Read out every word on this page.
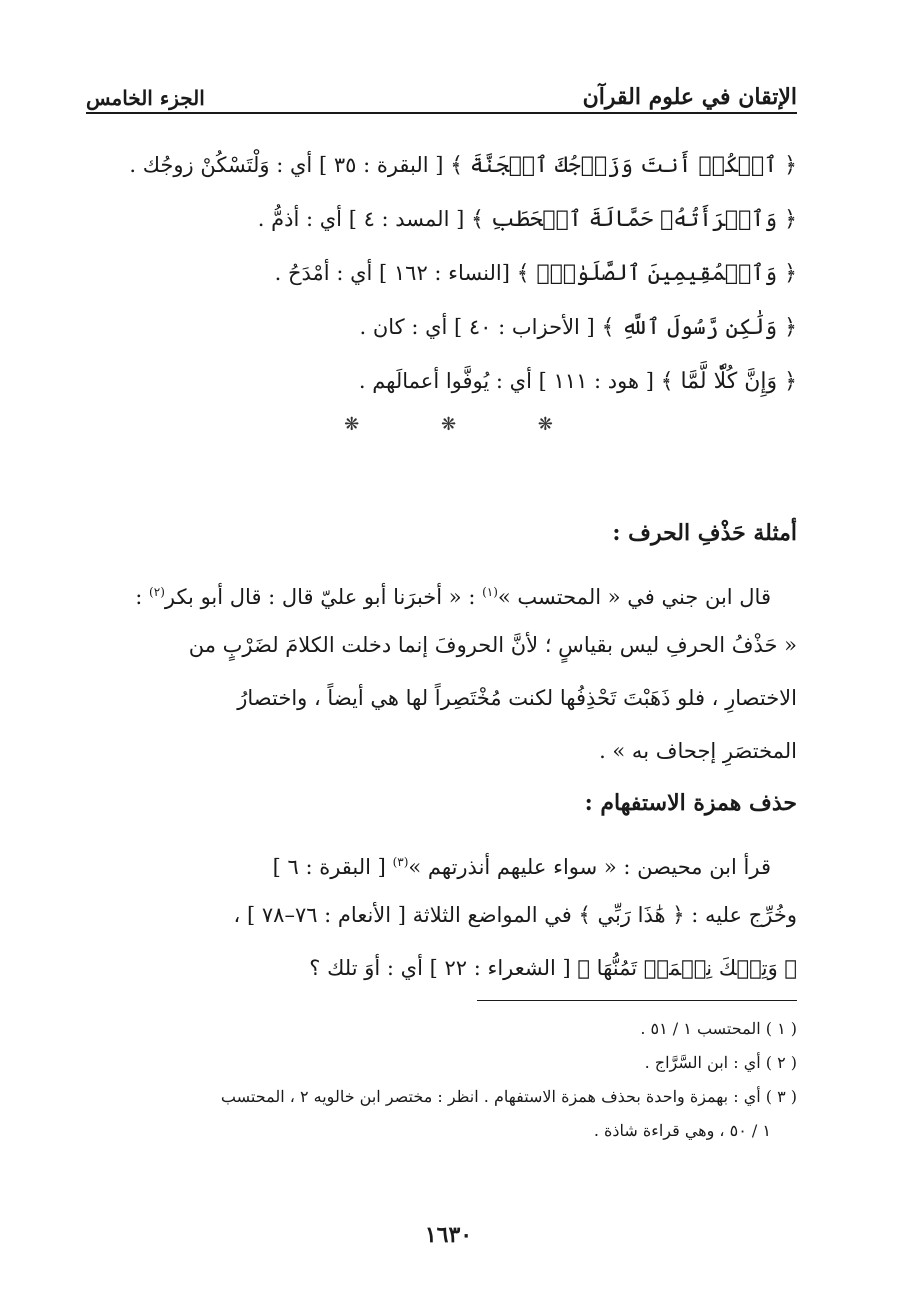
الإتقان في علوم القرآن
الجزء الخامس
﴿ ٱسۡكُنۡ أَنتَ وَزَوۡجُكَ ٱلۡجَنَّةَ ﴾ [ البقرة : ٣٥ ] أي : وَلْتَسْكُنْ زوجُك .
﴿ وَٱمۡرَأَتُهُۥ حَمَّالَةَ ٱلۡحَطَبِ ﴾ [ المسد : ٤ ] أي : أذمُّ .
﴿ وَٱلۡمُقِيمِينَ ٱلصَّلَوٰةَۚ ﴾ [النساء : ١٦٢ ] أي : أمْدَحُ .
﴿ وَلَٰكِن رَّسُولَ ٱللَّهِ ﴾ [ الأحزاب : ٤٠ ] أي : كان .
﴿ وَإِنَّ كُلّٗا لَّمَّا ﴾ [ هود : ١١١ ] أي : يُوفَّوا أعمالَهم .
❋ ❋ ❋
أمثلة حَذْفِ الحرف :
قال ابن جني في « المحتسب »$^{(١)}$ : « أخبرَنا أبو عليّ قال : قال أبو بكر$^{(٢)}$ :
« حَذْفُ الحرفِ ليس بقياسٍ ؛ لأنَّ الحروفَ إنما دخلت الكلامَ لضَرْبٍ من
الاختصارِ ، فلو ذَهَبْتَ تَحْذِفُها لكنت مُخْتَصِراً لها هي أيضاً ، واختصارُ
المختصَرِ إجحاف به » .
حذف همزة الاستفهام :
قرأ ابن محيصن : « سواء عليهم أنذرتهم »$^{(٣)}$ [ البقرة : ٦ ]
وخُرِّج عليه : ﴿ هَٰذَا رَبِّي ﴾ في المواضع الثلاثة [ الأنعام : ٧٦–٧٨ ] ،
﴿ وَتِلۡكَ نِعۡمَةٞ تَمُنُّهَا ﴾ [ الشعراء : ٢٢ ] أي : أوَ تلك ؟
( ١ ) المحتسب ١ / ٥١ .
( ٢ ) أي : ابن السَّرَّاج .
( ٣ ) أي : بهمزة واحدة بحذف همزة الاستفهام . انظر : مختصر ابن خالويه ٢ ، المحتسب
١ / ٥٠ ، وهي قراءة شاذة .
١٦٣٠
